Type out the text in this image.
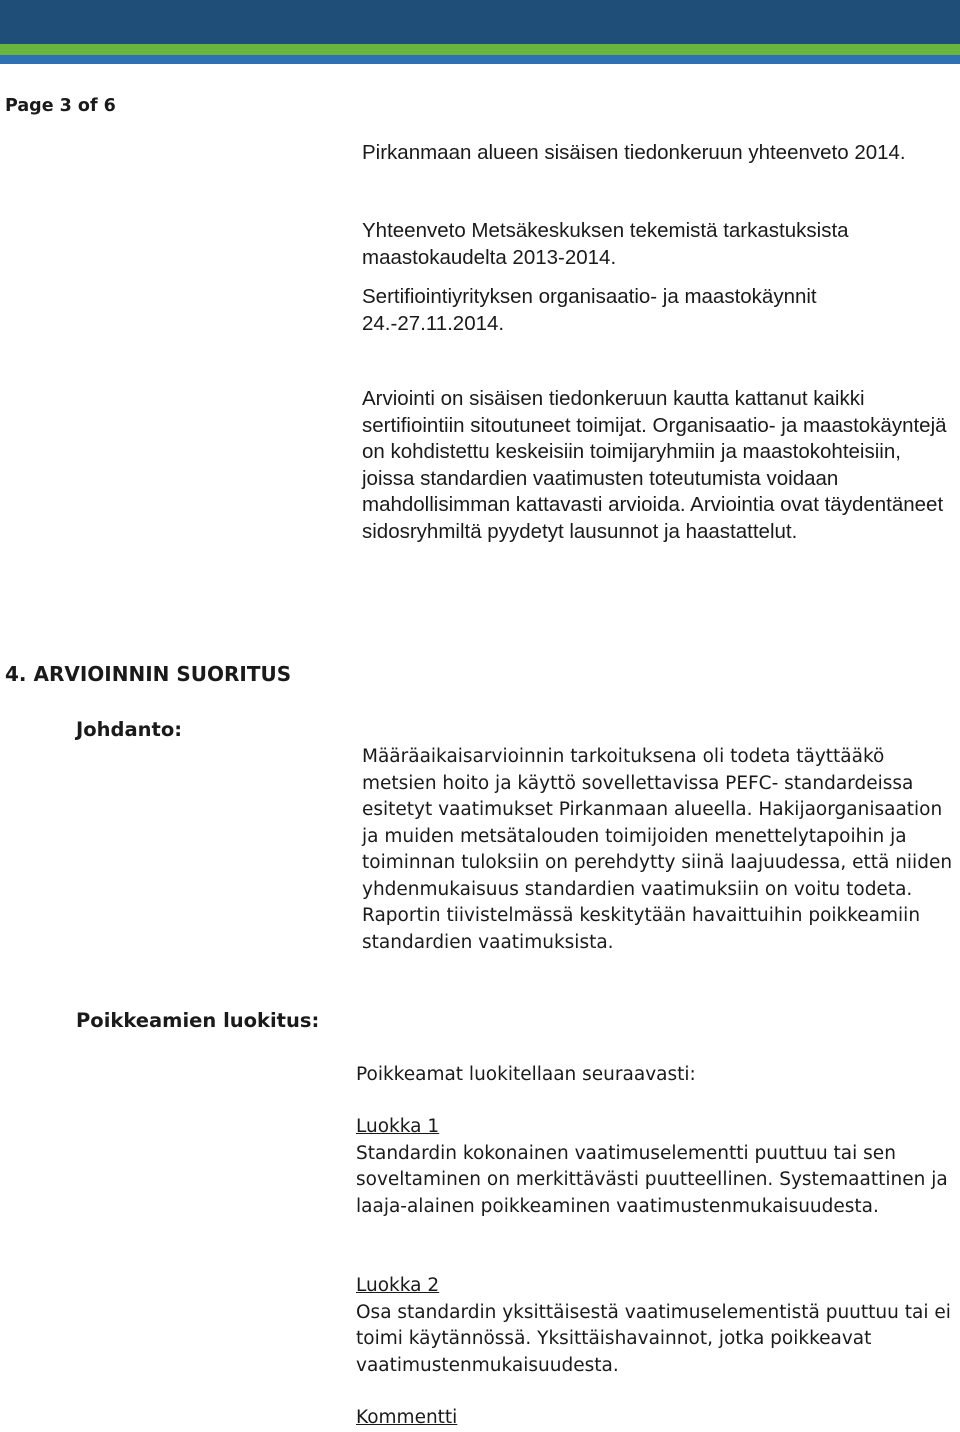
Page 3 of 6

Pirkanmaan alueen sisäisen tiedonkeruun yhteenveto 2014.

Yhteenveto Metsäkeskuksen tekemistä tarkastuksista maastokaudelta 2013-2014.

Sertifiointiyrityksen organisaatio- ja maastokäynnit 24.-27.11.2014.

Arviointi on sisäisen tiedonkeruun kautta kattanut kaikki sertifiointiin sitoutuneet toimijat. Organisaatio- ja maastokäyntejä on kohdistettu keskeisiin toimijaryhmiin ja maastokohteisiin, joissa standardien vaatimusten toteutumista voidaan mahdollisimman kattavasti arvioida. Arviointia ovat täydentäneet sidosryhmiltä pyydetyt lausunnot ja haastattelut.

4. ARVIOINNIN SUORITUS
Johdanto:

Määräaikaisarvioinnin tarkoituksena oli todeta täyttääkö metsien hoito ja käyttö sovellettavissa PEFC- standardeissa esitetyt vaatimukset Pirkanmaan alueella. Hakijaorganisaation ja muiden metsätalouden toimijoiden menettelytapoihin ja toiminnan tuloksiin on perehdytty siinä laajuudessa, että niiden yhdenmukaisuus standardien vaatimuksiin on voitu todeta. Raportin tiivistelmässä keskitytään havaittuihin poikkeamiin standardien vaatimuksista.

Poikkeamien luokitus:

Poikkeamat luokitellaan seuraavasti:

Luokka 1

Standardin kokonainen vaatimuselementti puuttuu tai sen soveltaminen on merkittävästi puutteellinen. Systemaattinen ja laaja-alainen poikkeaminen vaatimustenmukaisuudesta.

Luokka 2

Osa standardin yksittäisestä vaatimuselementistä puuttuu tai ei toimi käytännössä. Yksittäishavainnot, jotka poikkeavat vaatimustenmukaisuudesta.

Kommentti
